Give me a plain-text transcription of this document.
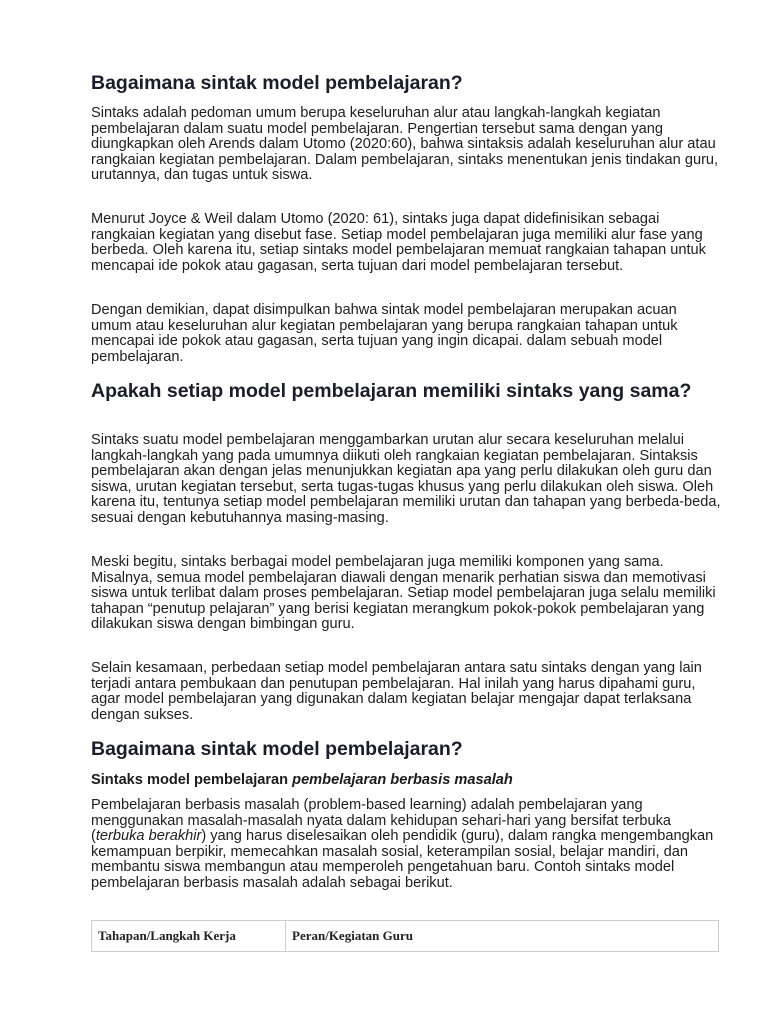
Bagaimana sintak model pembelajaran?

Sintaks adalah pedoman umum berupa keseluruhan alur atau langkah-langkah kegiatan pembelajaran dalam suatu model pembelajaran. Pengertian tersebut sama dengan yang diungkapkan oleh Arends dalam Utomo (2020:60), bahwa sintaksis adalah keseluruhan alur atau rangkaian kegiatan pembelajaran. Dalam pembelajaran, sintaks menentukan jenis tindakan guru, urutannya, dan tugas untuk siswa.

Menurut Joyce & Weil dalam Utomo (2020: 61), sintaks juga dapat didefinisikan sebagai rangkaian kegiatan yang disebut fase. Setiap model pembelajaran juga memiliki alur fase yang berbeda. Oleh karena itu, setiap sintaks model pembelajaran memuat rangkaian tahapan untuk mencapai ide pokok atau gagasan, serta tujuan dari model pembelajaran tersebut.

Dengan demikian, dapat disimpulkan bahwa sintak model pembelajaran merupakan acuan umum atau keseluruhan alur kegiatan pembelajaran yang berupa rangkaian tahapan untuk mencapai ide pokok atau gagasan, serta tujuan yang ingin dicapai. dalam sebuah model pembelajaran.

Apakah setiap model pembelajaran memiliki sintaks yang sama?

Sintaks suatu model pembelajaran menggambarkan urutan alur secara keseluruhan melalui langkah-langkah yang pada umumnya diikuti oleh rangkaian kegiatan pembelajaran. Sintaksis pembelajaran akan dengan jelas menunjukkan kegiatan apa yang perlu dilakukan oleh guru dan siswa, urutan kegiatan tersebut, serta tugas-tugas khusus yang perlu dilakukan oleh siswa. Oleh karena itu, tentunya setiap model pembelajaran memiliki urutan dan tahapan yang berbeda-beda, sesuai dengan kebutuhannya masing-masing.

Meski begitu, sintaks berbagai model pembelajaran juga memiliki komponen yang sama. Misalnya, semua model pembelajaran diawali dengan menarik perhatian siswa dan memotivasi siswa untuk terlibat dalam proses pembelajaran. Setiap model pembelajaran juga selalu memiliki tahapan “penutup pelajaran” yang berisi kegiatan merangkum pokok-pokok pembelajaran yang dilakukan siswa dengan bimbingan guru.

Selain kesamaan, perbedaan setiap model pembelajaran antara satu sintaks dengan yang lain terjadi antara pembukaan dan penutupan pembelajaran. Hal inilah yang harus dipahami guru, agar model pembelajaran yang digunakan dalam kegiatan belajar mengajar dapat terlaksana dengan sukses.

Bagaimana sintak model pembelajaran?
Sintaks model pembelajaran pembelajaran berbasis masalah

Pembelajaran berbasis masalah (problem-based learning) adalah pembelajaran yang menggunakan masalah-masalah nyata dalam kehidupan sehari-hari yang bersifat terbuka (terbuka berakhir) yang harus diselesaikan oleh pendidik (guru), dalam rangka mengembangkan kemampuan berpikir, memecahkan masalah sosial, keterampilan sosial, belajar mandiri, dan membantu siswa membangun atau memperoleh pengetahuan baru. Contoh sintaks model pembelajaran berbasis masalah adalah sebagai berikut.

Tahapan/Langkah Kerja	Peran/Kegiatan Guru
